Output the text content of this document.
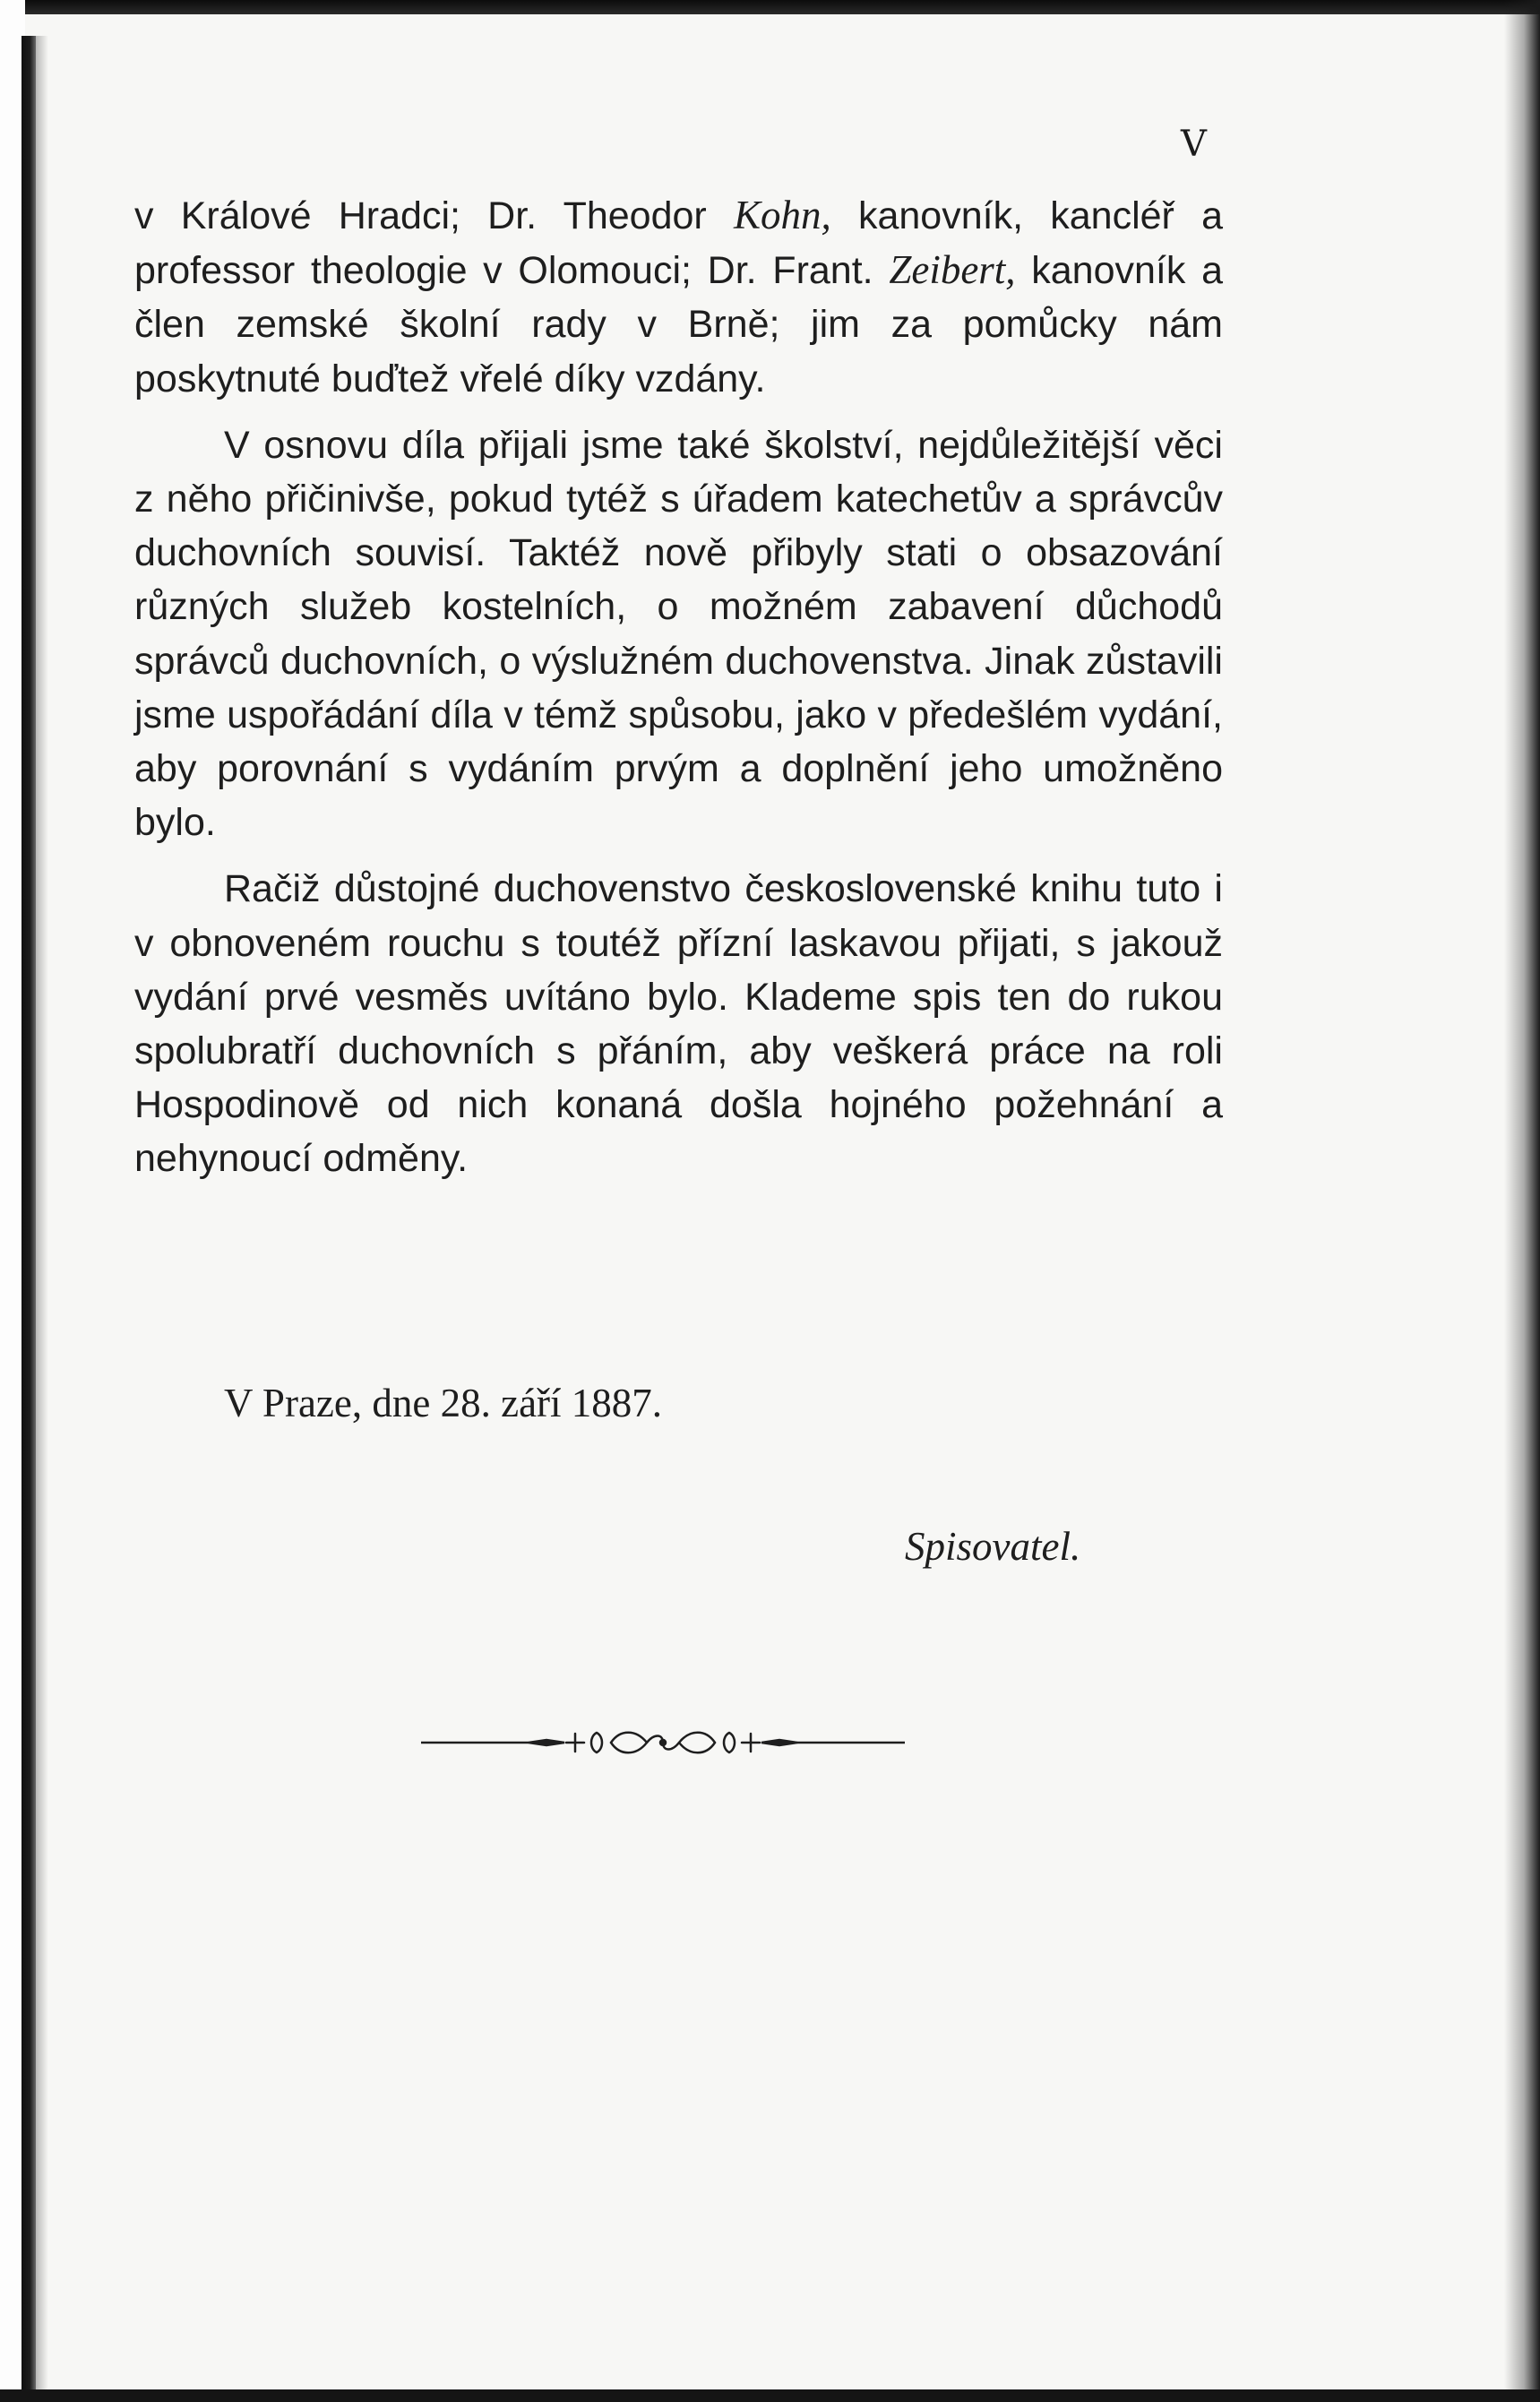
V

v Králové Hradci; Dr. Theodor Kohn, kanovník, kancléř a professor theologie v Olomouci; Dr. Frant. Zeibert, kanovník a člen zemské školní rady v Brně; jim za pomůcky nám poskytnuté buďtež vřelé díky vzdány.

V osnovu díla přijali jsme také školství, nejdůležitější věci z něho přičinivše, pokud tytéž s úřadem katechetův a správcův duchovních souvisí. Taktéž nově přibyly stati o obsazování různých služeb kostelních, o možném zabavení důchodů správců duchovních, o výslužném duchovenstva. Jinak zůstavili jsme uspořádání díla v témž spůsobu, jako v předešlém vydání, aby porovnání s vydáním prvým a doplnění jeho umožněno bylo.

Račiž důstojné duchovenstvo československé knihu tuto i v obnoveném rouchu s toutéž přízní laskavou přijati, s jakouž vydání prvé vesměs uvítáno bylo. Klademe spis ten do rukou spolubratří duchovních s přáním, aby veškerá práce na roli Hospodinově od nich konaná došla hojného požehnání a nehynoucí odměny.

V Praze, dne 28. září 1887.
Spisovatel.
